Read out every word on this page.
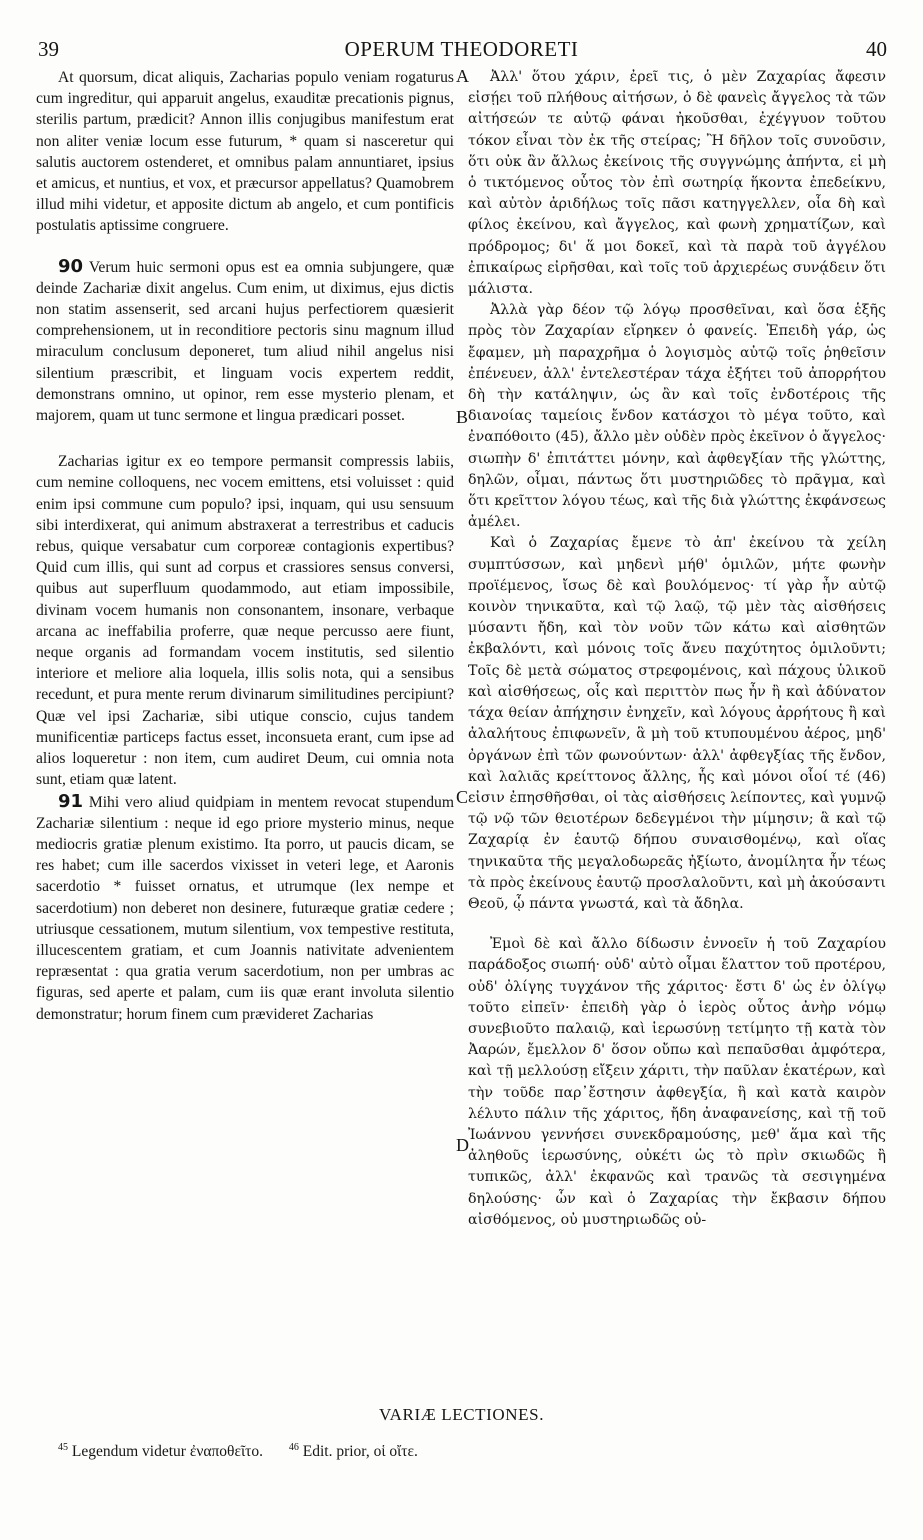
39	OPERUM THEODORETI	40
A
B
C
D

At quorsum, dicat aliquis, Zacharias populo veniam rogaturus cum ingreditur, qui apparuit angelus, exauditæ precationis pignus, sterilis partum, prædicit? Annon illis conjugibus manifestum erat non aliter veniæ locum esse futurum, * quam si nasceretur qui salutis auctorem ostenderet, et omnibus palam annuntiaret, ipsius et amicus, et nuntius, et vox, et præcursor appellatus? Quamobrem illud mihi videtur, et apposite dictum ab angelo, et cum pontificis postulatis aptissime congruere.

90 Verum huic sermoni opus est ea omnia subjungere, quæ deinde Zachariæ dixit angelus. Cum enim, ut diximus, ejus dictis non statim assenserit, sed arcani hujus perfectiorem quæsierit comprehensionem, ut in reconditiore pectoris sinu magnum illud miraculum conclusum deponeret, tum aliud nihil angelus nisi silentium præscribit, et linguam vocis expertem reddit, demonstrans omnino, ut opinor, rem esse mysterio plenam, et majorem, quam ut tunc sermone et lingua prædicari posset.

Zacharias igitur ex eo tempore permansit compressis labiis, cum nemine colloquens, nec vocem emittens, etsi voluisset : quid enim ipsi commune cum populo? ipsi, inquam, qui usu sensuum sibi interdixerat, qui animum abstraxerat a terrestribus et caducis rebus, quique versabatur cum corporeæ contagionis expertibus? Quid cum illis, qui sunt ad corpus et crassiores sensus conversi, quibus aut superfluum quodammodo, aut etiam impossibile, divinam vocem humanis non consonantem, insonare, verbaque arcana ac ineffabilia proferre, quæ neque percusso aere fiunt, neque organis ad formandam vocem institutis, sed silentio interiore et meliore alia loquela, illis solis nota, qui a sensibus recedunt, et pura mente rerum divinarum similitudines percipiunt? Quæ vel ipsi Zachariæ, sibi utique conscio, cujus tandem munificentiæ particeps factus esset, inconsueta erant, cum ipse ad alios loqueretur : non item, cum audiret Deum, cui omnia nota sunt, etiam quæ latent.

91 Mihi vero aliud quidpiam in mentem revocat stupendum Zachariæ silentium : neque id ego priore mysterio minus, neque mediocris gratiæ plenum existimo. Ita porro, ut paucis dicam, se res habet; cum ille sacerdos vixisset in veteri lege, et Aaronis sacerdotio * fuisset ornatus, et utrumque (lex nempe et sacerdotium) non deberet non desinere, futuræque gratiæ cedere ; utriusque cessationem, mutum silentium, vox tempestive restituta, illucescentem gratiam, et cum Joannis nativitate advenientem repræsentat : qua gratia verum sacerdotium, non per umbras ac figuras, sed aperte et palam, cum iis quæ erant involuta silentio demonstratur; horum finem cum prævideret Zacharias

Ἀλλ' ὅτου χάριν, ἐρεῖ τις, ὁ μὲν Ζαχαρίας ἄφεσιν εἰσῄει τοῦ πλήθους αἰτήσων, ὁ δὲ φανεὶς ἄγγελος τὰ τῶν αἰτήσεών τε αὐτῷ φάναι ἠκοῦσθαι, ἐχέγγυον τοῦτου τόκον εἶναι τὸν ἐκ τῆς στείρας; Ἢ δῆλον τοῖς συνοῦσιν, ὅτι οὐκ ἂν ἄλλως ἐκείνοις τῆς συγγνώμης ἀπήντα, εἰ μὴ ὁ τικτόμενος οὗτος τὸν ἐπὶ σωτηρίᾳ ἥκοντα ἐπεδείκνυ, καὶ αὐτὸν ἀριδήλως τοῖς πᾶσι κατηγγελλεν, οἷα δὴ καὶ φίλος ἐκείνου, καὶ ἄγγελος, καὶ φωνὴ χρηματίζων, καὶ πρόδρομος; δι' ἅ μοι δοκεῖ, καὶ τὰ παρὰ τοῦ ἀγγέλου ἐπικαίρως εἰρῆσθαι, καὶ τοῖς τοῦ ἀρχιερέως συνᾴδειν ὅτι μάλιστα.

Ἀλλὰ γὰρ δέον τῷ λόγῳ προσθεῖναι, καὶ ὅσα ἑξῆς πρὸς τὸν Ζαχαρίαν εἴρηκεν ὁ φανείς. Ἐπειδὴ γάρ, ὡς ἔφαμεν, μὴ παραχρῆμα ὁ λογισμὸς αὐτῷ τοῖς ῥηθεῖσιν ἐπένευεν, ἀλλ' ἐντελεστέραν τάχα ἐξήτει τοῦ ἀπορρήτου δὴ τὴν κατάληψιν, ὡς ἂν καὶ τοῖς ἐνδοτέροις τῆς διανοίας ταμείοις ἔνδον κατάσχοι τὸ μέγα τοῦτο, καὶ ἐναπόθοιτο (45), ἄλλο μὲν οὐδὲν πρὸς ἐκεῖνον ὁ ἄγγελος· σιωπὴν δ' ἐπιτάττει μόνην, καὶ ἀφθεγξίαν τῆς γλώττης, δηλῶν, οἶμαι, πάντως ὅτι μυστηριῶδες τὸ πρᾶγμα, καὶ ὅτι κρεῖττον λόγου τέως, καὶ τῆς διὰ γλώττης ἐκφάνσεως ἀμέλει.

Καὶ ὁ Ζαχαρίας ἔμενε τὸ ἀπ' ἐκείνου τὰ χείλη συμπτύσσων, καὶ μηδενὶ μήθ' ὁμιλῶν, μήτε φωνὴν προϊέμενος, ἴσως δὲ καὶ βουλόμενος· τί γὰρ ἦν αὐτῷ κοινὸν τηνικαῦτα, καὶ τῷ λαῷ, τῷ μὲν τὰς αἰσθήσεις μύσαντι ἤδη, καὶ τὸν νοῦν τῶν κάτω καὶ αἰσθητῶν ἐκβαλόντι, καὶ μόνοις τοῖς ἄνευ παχύτητος ὁμιλοῦντι; Τοῖς δὲ μετὰ σώματος στρεφομένοις, καὶ πάχους ὑλικοῦ καὶ αἰσθήσεως, οἷς καὶ περιττὸν πως ἦν ἢ καὶ ἀδύνατον τάχα θείαν ἀπήχησιν ἐνηχεῖν, καὶ λόγους ἀρρήτους ἢ καὶ ἀλαλήτους ἐπιφωνεῖν, ἃ μὴ τοῦ κτυπουμένου ἀέρος, μηδ' ὀργάνων ἐπὶ τῶν φωνούντων· ἀλλ' ἀφθεγξίας τῆς ἔνδον, καὶ λαλιᾶς κρείττονος ἄλλης, ἧς καὶ μόνοι οἷοί τέ (46) εἰσιν ἐπησθῆσθαι, οἱ τὰς αἰσθήσεις λείποντες, καὶ γυμνῷ τῷ νῷ τῶν θειοτέρων δεδεγμένοι τὴν μίμησιν; ἃ καὶ τῷ Ζαχαρίᾳ ἐν ἑαυτῷ δήπου συναισθομένῳ, καὶ οἵας τηνικαῦτα τῆς μεγαλοδωρεᾶς ἠξίωτο, ἀνομίλητα ἦν τέως τὰ πρὸς ἐκείνους ἑαυτῷ προσλαλοῦντι, καὶ μὴ ἀκούσαντι Θεοῦ, ᾧ πάντα γνωστά, καὶ τὰ ἄδηλα.

Ἐμοὶ δὲ καὶ ἄλλο δίδωσιν ἐννοεῖν ἡ τοῦ Ζαχαρίου παράδοξος σιωπή· οὐδ' αὐτὸ οἶμαι ἔλαττον τοῦ προτέρου, οὐδ' ὀλίγης τυγχάνον τῆς χάριτος· ἔστι δ' ὡς ἐν ὀλίγῳ τοῦτο εἰπεῖν· ἐπειδὴ γὰρ ὁ ἱερὸς οὗτος ἀνὴρ νόμῳ συνεβιοῦτο παλαιῷ, καὶ ἱερωσύνῃ τετίμητο τῇ κατὰ τὸν Ἀαρών, ἔμελλον δ' ὅσον οὔπω καὶ πεπαῦσθαι ἀμφότερα, καὶ τῇ μελλούσῃ εἴξειν χάριτι, τὴν παῦλαν ἑκατέρων, καὶ τὴν τοῦδε παρ᾽ἔστησιν ἀφθεγξία, ἣ καὶ κατὰ καιρὸν λέλυτο πάλιν τῆς χάριτος, ἤδη ἀναφανείσης, καὶ τῇ τοῦ Ἰωάννου γεννήσει συνεκδραμούσης, μεθ' ἅμα καὶ τῆς ἀληθοῦς ἱερωσύνης, οὐκέτι ὡς τὸ πρὶν σκιωδῶς ἢ τυπικῶς, ἀλλ' ἐκφανῶς καὶ τρανῶς τὰ σεσιγημένα δηλούσης· ὧν καὶ ὁ Ζαχαρίας τὴν ἔκβασιν δήπου αἰσθόμενος, οὐ μυστηριωδῶς οὐ-

VARIÆ LECTIONES.
$^{45}$ Legendum videtur ἐναποθεῖτο.	$^{46}$ Edit. prior, οἱ οἴτε.
